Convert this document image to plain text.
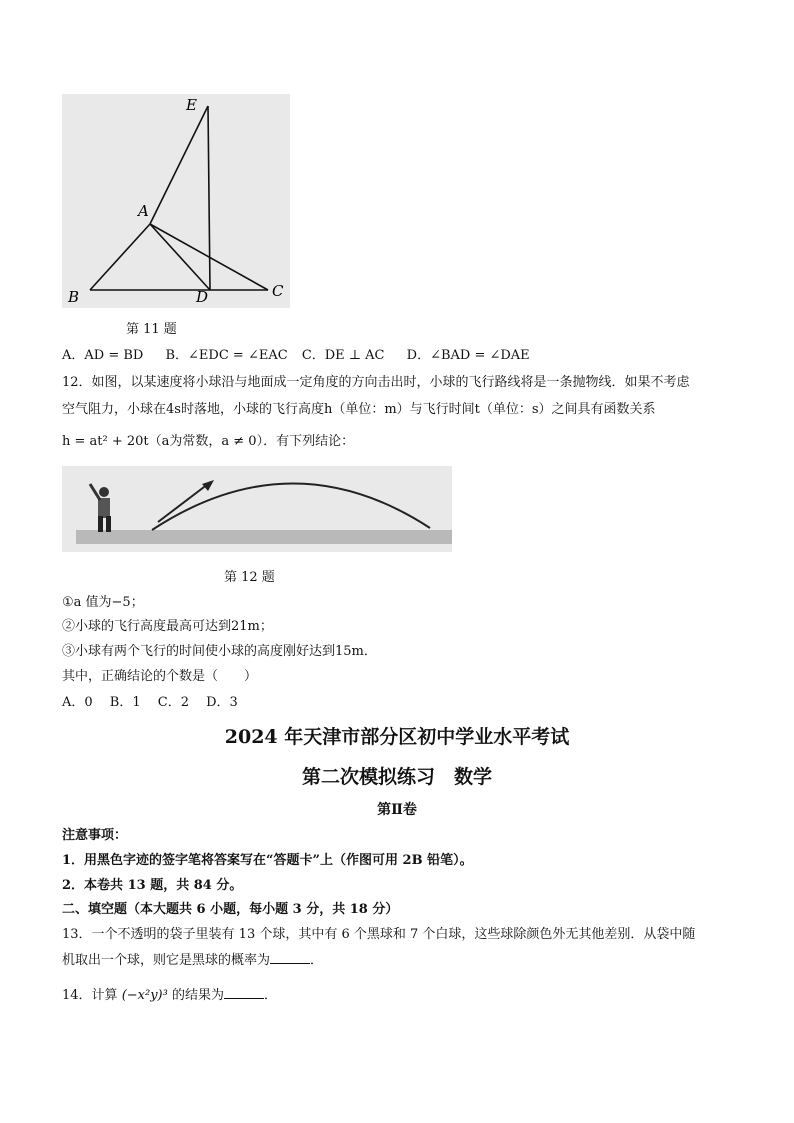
E
A
B	D	C
第 11 题
A．AD = BD B．∠EDC = ∠EAC C．DE ⊥ AC D．∠BAD = ∠DAE
12．如图，以某速度将小球沿与地面成一定角度的方向击出时，小球的飞行路线将是一条抛物线．如果不考虑
空气阻力，小球在4s时落地，小球的飞行高度h（单位：m）与飞行时间t（单位：s）之间具有函数关系
h = at² + 20t（a为常数，a ≠ 0）．有下列结论：
第 12 题
①a 值为−5；
②小球的飞行高度最高可达到21m；
③小球有两个飞行的时间使小球的高度刚好达到15m．
其中，正确结论的个数是（　　）
A．0　 B．1　 C．2　 D．3
2024 年天津市部分区初中学业水平考试
第二次模拟练习　数学
第Ⅱ卷
注意事项：
1．用黑色字迹的签字笔将答案写在“答题卡”上（作图可用 2B 铅笔）。
2．本卷共 13 题，共 84 分。
二、填空题（本大题共 6 小题，每小题 3 分，共 18 分）
13．一个不透明的袋子里装有 13 个球，其中有 6 个黑球和 7 个白球，这些球除颜色外无其他差别．从袋中随
机取出一个球，则它是黑球的概率为	．
14．计算 (−x²y)³ 的结果为	．
